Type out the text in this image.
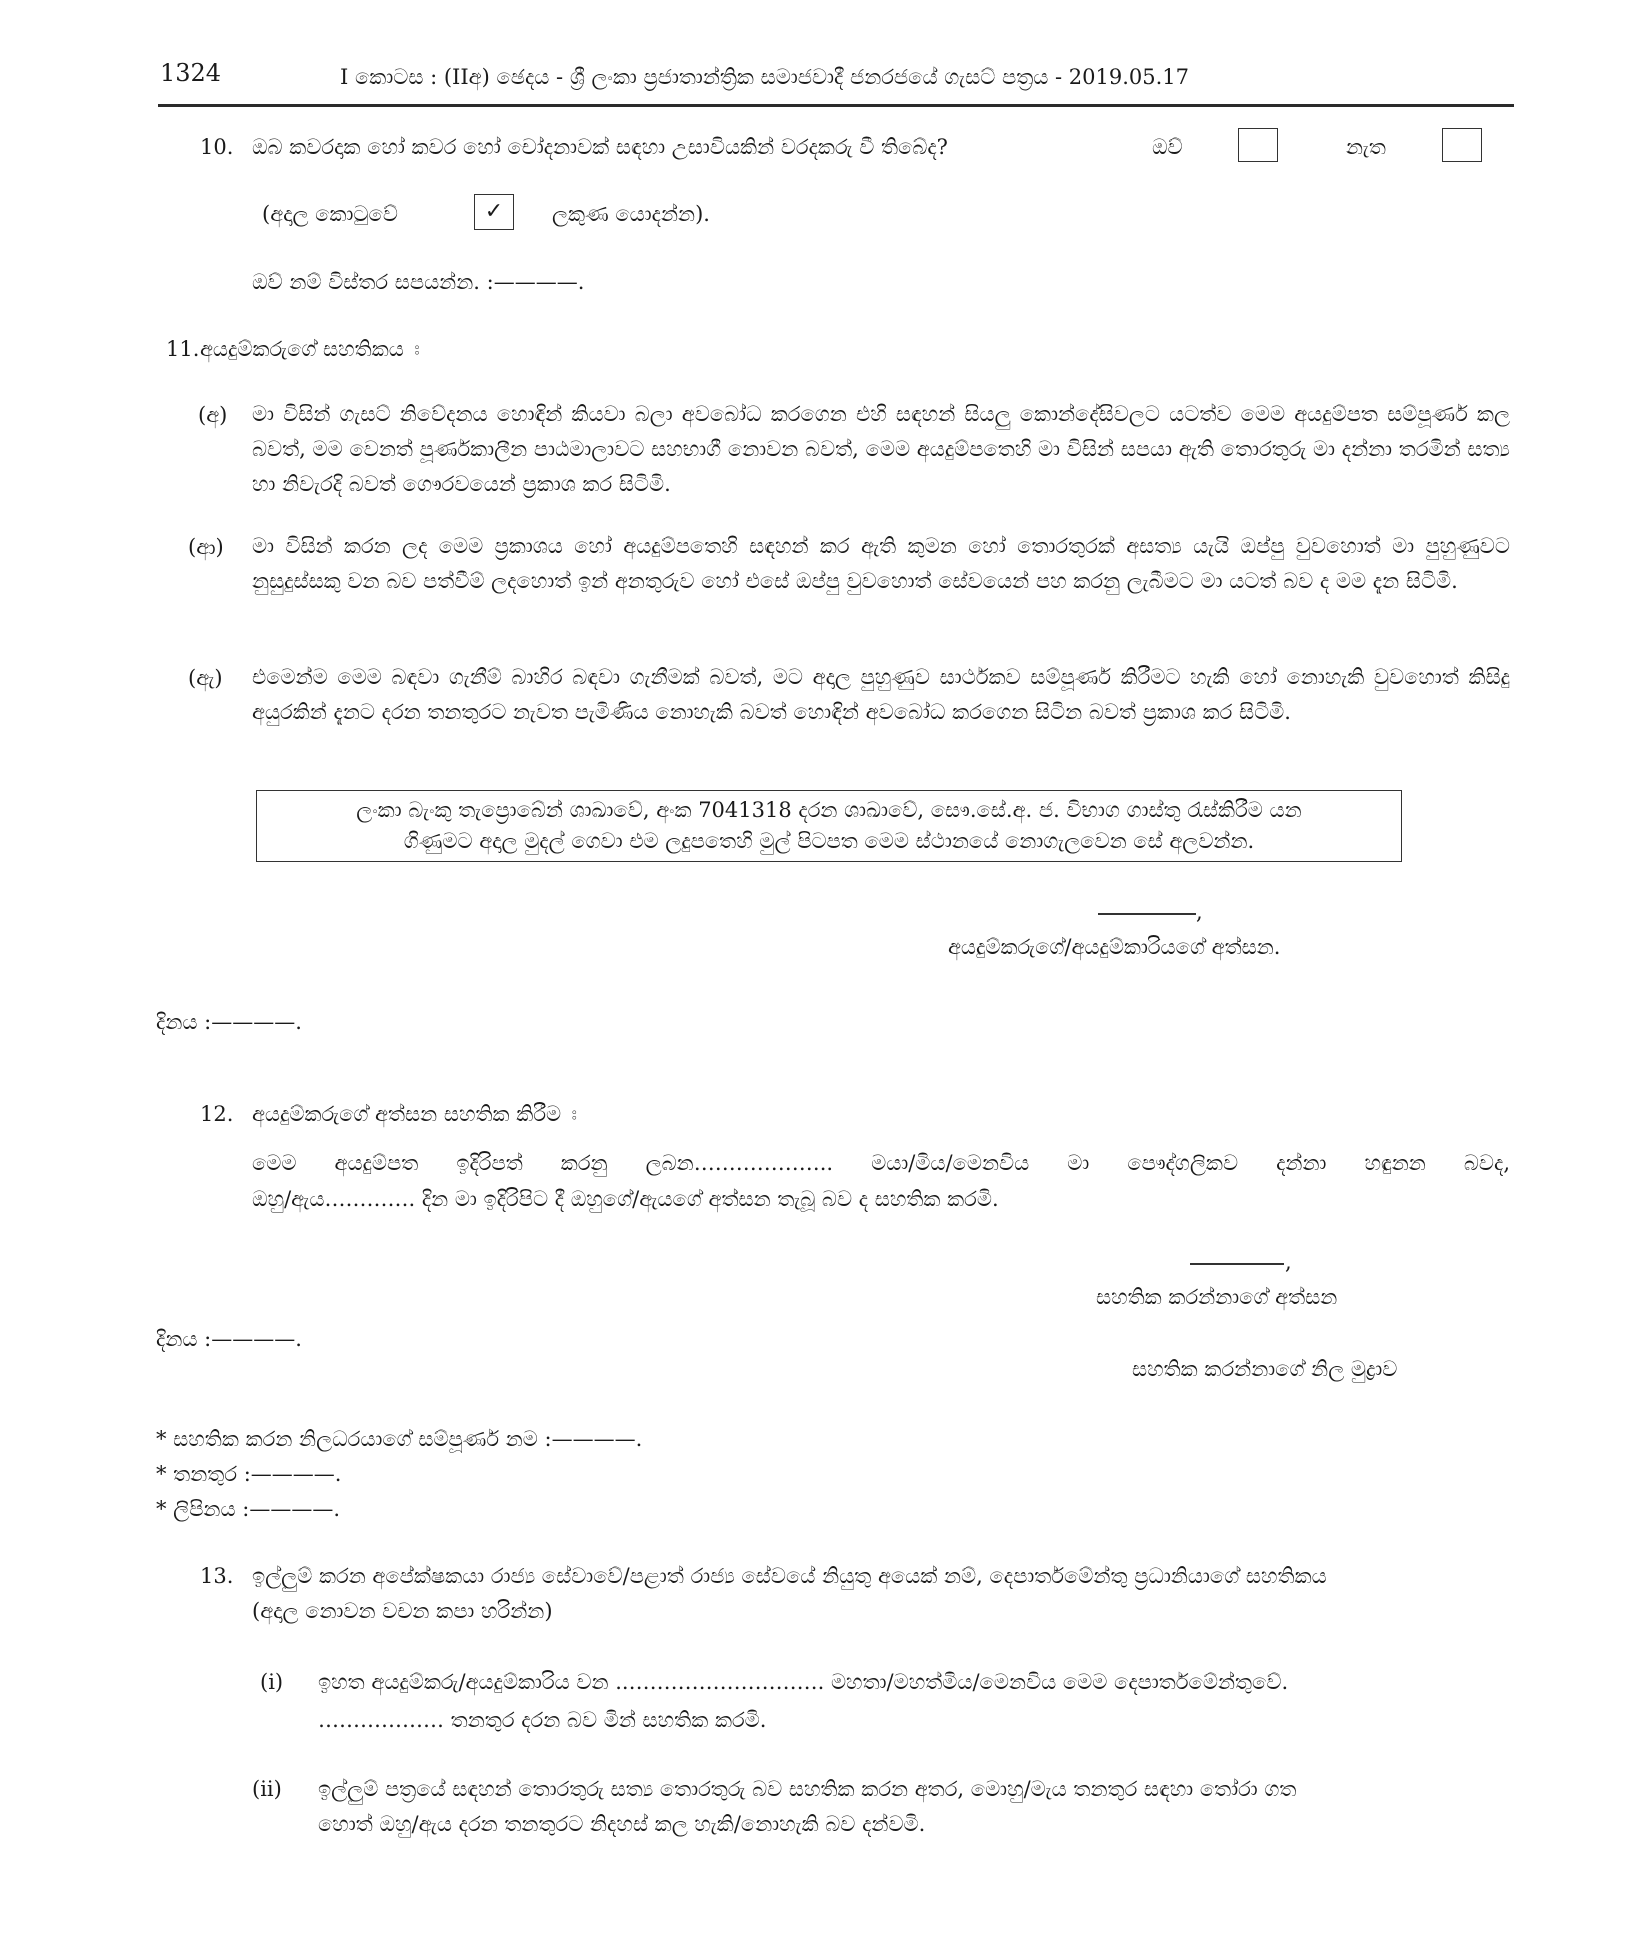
1324	I කොටස : (IIඅ) ඡෙදය - ශ්‍රී ලංකා ප්‍රජාතාන්ත්‍රික සමාජවාදී ජනරජයේ ගැසට් පත්‍රය - 2019.05.17
10. ඔබ කවරදාක හෝ කවර හෝ චෝදනාවක් සඳහා උසාවියකින් වරදකරු වී තිබේද?	ඔව්	නැත
(අදාල කොටුවේ	✓	ලකුණ යොදන්න).
ඔව් නම් විස්තර සපයන්න. :————.
11. අයදුම්කරුගේ සහතිකය ඃ
(අ) මා විසින් ගැසට් නිවේදනය හොඳින් කියවා බලා අවබෝධ කරගෙන එහි සඳහන් සියලු කොන්දේසිවලට යටත්ව මෙම අයදුම්පත සම්පූර්ණ කල බවත්, මම වෙනත් පූර්ණකාලීන පාඨමාලාවට සහභාගී නොවන බවත්, මෙම අයදුම්පතෙහි මා විසින් සපයා ඇති තොරතුරු මා දන්නා තරමින් සත්‍ය හා නිවැරදි බවත් ගෞරවයෙන් ප්‍රකාශ කර සිටිමි.
(ආ) මා විසින් කරන ලද මෙම ප්‍රකාශය හෝ අයදුම්පතෙහි සඳහන් කර ඇති කුමන හෝ තොරතුරක් අසත්‍ය යැයි ඔප්පු වුවහොත් මා පුහුණුවට නුසුදුස්සකු වන බව පත්වීම් ලදහොත් ඉන් අනතුරුව හෝ එසේ ඔප්පු වුවහොත් සේවයෙන් පහ කරනු ලැබීමට මා යටත් බව ද මම දැන සිටිමි.
(ඇ) එමෙන්ම මෙම බඳවා ගැනීම් බාහිර බඳවා ගැනීමක් බවත්, මට අදාල පුහුණුව සාර්ථකව සම්පූර්ණ කිරීමට හැකි හෝ නොහැකි වුවහොත් කිසිදු අයුරකින් දැනට දරන තනතුරට නැවත පැමිණිය නොහැකි බවත් හොඳින් අවබෝධ කරගෙන සිටින බවත් ප්‍රකාශ කර සිටිමි.
ලංකා බැංකු තැප්‍රොබේන් ශාඛාවේ, අංක 7041318 දරන ශාඛාවේ, සෞ.සේ.අ. ජ. විභාග ගාස්තු රැස්කිරීම යන
ගිණුමට අදාල මුදල් ගෙවා එම ලදුපතෙහි මුල් පිටපත මෙම ස්ථානයේ නොගැලවෙන සේ අලවන්න.
,
අයදුම්කරුගේ/අයදුම්කාරියගේ අත්සන.
දිනය :————.
12. අයදුම්කරුගේ අත්සන සහතික කිරීම ඃ
මෙම අයදුම්පත ඉදිරිපත් කරනු ලබන……………….. මයා/මිය/මෙනවිය මා පෞද්ගලිකව දන්නා හඳුනන බවද,
ඔහු/ඇය…………. දින මා ඉදිරිපිට දී ඔහුගේ/ඇයගේ අත්සන තැබූ බව ද සහතික කරමි.
,
සහතික කරන්නාගේ අත්සන
දිනය :————.
සහතික කරන්නාගේ නිල මුද්‍රාව
* සහතික කරන නිලධරයාගේ සම්පූර්ණ නම :————.
* තනතුර :————.
* ලිපිනය :————.
13. ඉල්ලුම් කරන අපේක්ෂකයා රාජ්‍ය සේවාවේ/පළාත් රාජ්‍ය සේවයේ නියුතු අයෙක් නම්, දෙපාර්තමේන්තු ප්‍රධානියාගේ සහතිකය
(අදාල නොවන වචන කපා හරින්න)
(i) ඉහත අයදුම්කරු/අයදුම්කාරිය වන ..………………………. මහතා/මහත්මිය/මෙනවිය මෙම දෙපාර්තමේන්තුවේ.
……………… තනතුර දරන බව මින් සහතික කරමි.
(ii) ඉල්ලුම් පත්‍රයේ සඳහන් තොරතුරු සත්‍ය තොරතුරු බව සහතික කරන අතර, මොහු/මැය තනතුර සඳහා තෝරා ගත
හොත් ඔහු/ඇය දරන තනතුරට නිදහස් කල හැකි/නොහැකි බව දන්වමි.
